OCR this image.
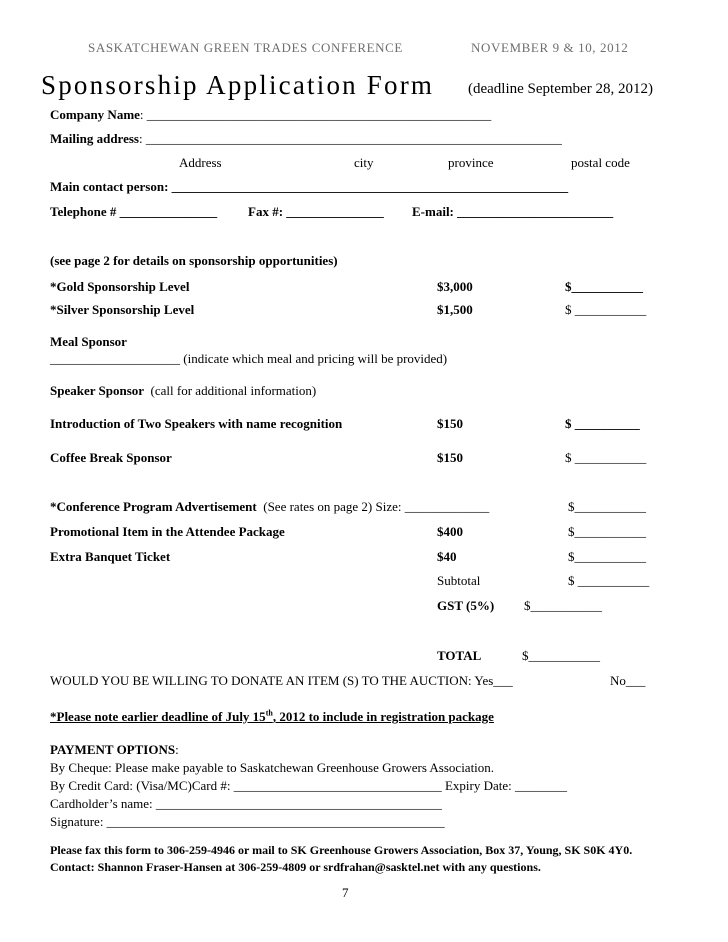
SASKATCHEWAN GREEN TRADES CONFERENCE	NOVEMBER 9 & 10, 2012
Sponsorship Application Form (deadline September 28, 2012)
Company Name: _____________________________________________________
Mailing address: ________________________________________________________________
Address	city	province	postal code
Main contact person: _____________________________________________________________
Telephone # _______________ Fax #: _______________ E-mail: ________________________
(see page 2 for details on sponsorship opportunities)
*Gold Sponsorship Level	$3,000	$___________
*Silver Sponsorship Level	$1,500	$ ___________
Meal Sponsor
____________________ (indicate which meal and pricing will be provided)
Speaker Sponsor (call for additional information)
Introduction of Two Speakers with name recognition	$150	$ __________
Coffee Break Sponsor	$150	$ ___________
*Conference Program Advertisement (See rates on page 2) Size: _____________	$___________
Promotional Item in the Attendee Package	$400	$___________
Extra Banquet Ticket	$40	$___________
Subtotal	$ ___________
GST (5%) $___________
TOTAL	$___________
WOULD YOU BE WILLING TO DONATE AN ITEM (S) TO THE AUCTION: Yes___	No___
*Please note earlier deadline of July 15th, 2012 to include in registration package
PAYMENT OPTIONS:
By Cheque: Please make payable to Saskatchewan Greenhouse Growers Association.
By Credit Card: (Visa/MC)Card #: ________________________________ Expiry Date: ________
Cardholder’s name: ____________________________________________
Signature: ____________________________________________________
Please fax this form to 306-259-4946 or mail to SK Greenhouse Growers Association, Box 37, Young, SK S0K 4Y0.
Contact: Shannon Fraser-Hansen at 306-259-4809 or srdfrahan@sasktel.net with any questions.
7
